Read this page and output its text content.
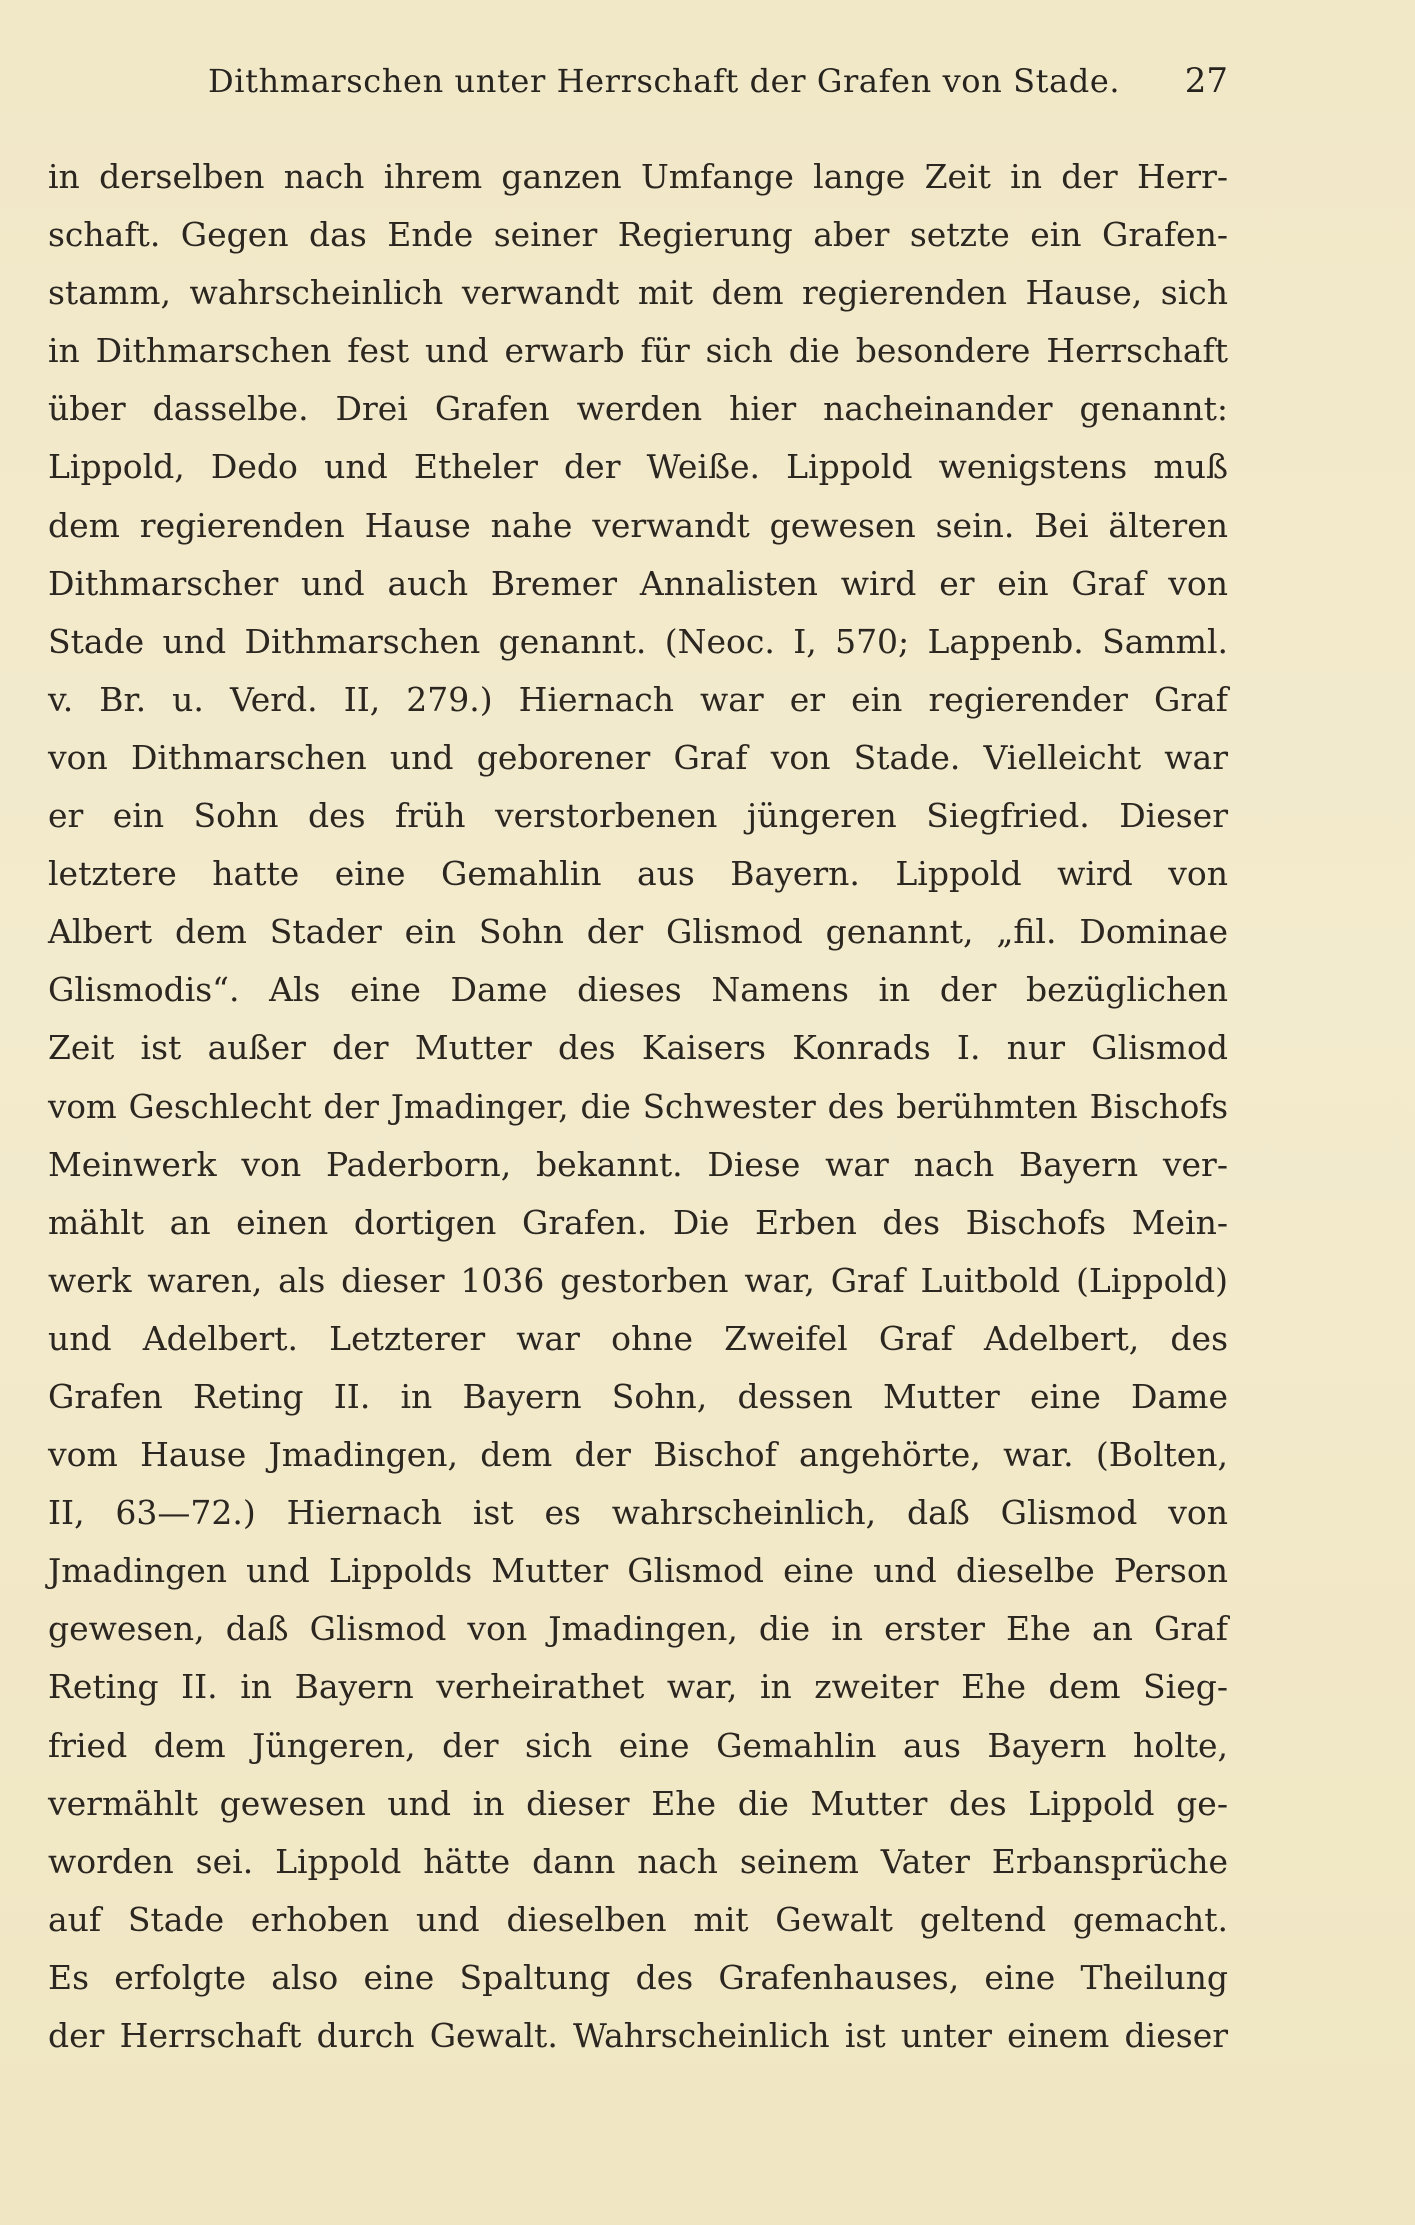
Dithmarschen unter Herrschaft der Grafen von Stade. 27
in derselben nach ihrem ganzen Umfange lange Zeit in der Herr-
schaft. Gegen das Ende seiner Regierung aber setzte ein Grafen-
stamm, wahrscheinlich verwandt mit dem regierenden Hause, sich
in Dithmarschen fest und erwarb für sich die besondere Herrschaft
über dasselbe. Drei Grafen werden hier nacheinander genannt:
Lippold, Dedo und Etheler der Weiße. Lippold wenigstens muß
dem regierenden Hause nahe verwandt gewesen sein. Bei älteren
Dithmarscher und auch Bremer Annalisten wird er ein Graf von
Stade und Dithmarschen genannt. (Neoc. I, 570; Lappenb. Samml.
v. Br. u. Verd. II, 279.) Hiernach war er ein regierender Graf
von Dithmarschen und geborener Graf von Stade. Vielleicht war
er ein Sohn des früh verstorbenen jüngeren Siegfried. Dieser
letztere hatte eine Gemahlin aus Bayern. Lippold wird von
Albert dem Stader ein Sohn der Glismod genannt, „fil. Dominae
Glismodis“. Als eine Dame dieses Namens in der bezüglichen
Zeit ist außer der Mutter des Kaisers Konrads I. nur Glismod
vom Geschlecht der Jmadinger, die Schwester des berühmten Bischofs
Meinwerk von Paderborn, bekannt. Diese war nach Bayern ver-
mählt an einen dortigen Grafen. Die Erben des Bischofs Mein-
werk waren, als dieser 1036 gestorben war, Graf Luitbold (Lippold)
und Adelbert. Letzterer war ohne Zweifel Graf Adelbert, des
Grafen Reting II. in Bayern Sohn, dessen Mutter eine Dame
vom Hause Jmadingen, dem der Bischof angehörte, war. (Bolten,
II, 63—72.) Hiernach ist es wahrscheinlich, daß Glismod von
Jmadingen und Lippolds Mutter Glismod eine und dieselbe Person
gewesen, daß Glismod von Jmadingen, die in erster Ehe an Graf
Reting II. in Bayern verheirathet war, in zweiter Ehe dem Sieg-
fried dem Jüngeren, der sich eine Gemahlin aus Bayern holte,
vermählt gewesen und in dieser Ehe die Mutter des Lippold ge-
worden sei. Lippold hätte dann nach seinem Vater Erbansprüche
auf Stade erhoben und dieselben mit Gewalt geltend gemacht.
Es erfolgte also eine Spaltung des Grafenhauses, eine Theilung
der Herrschaft durch Gewalt. Wahrscheinlich ist unter einem dieser
